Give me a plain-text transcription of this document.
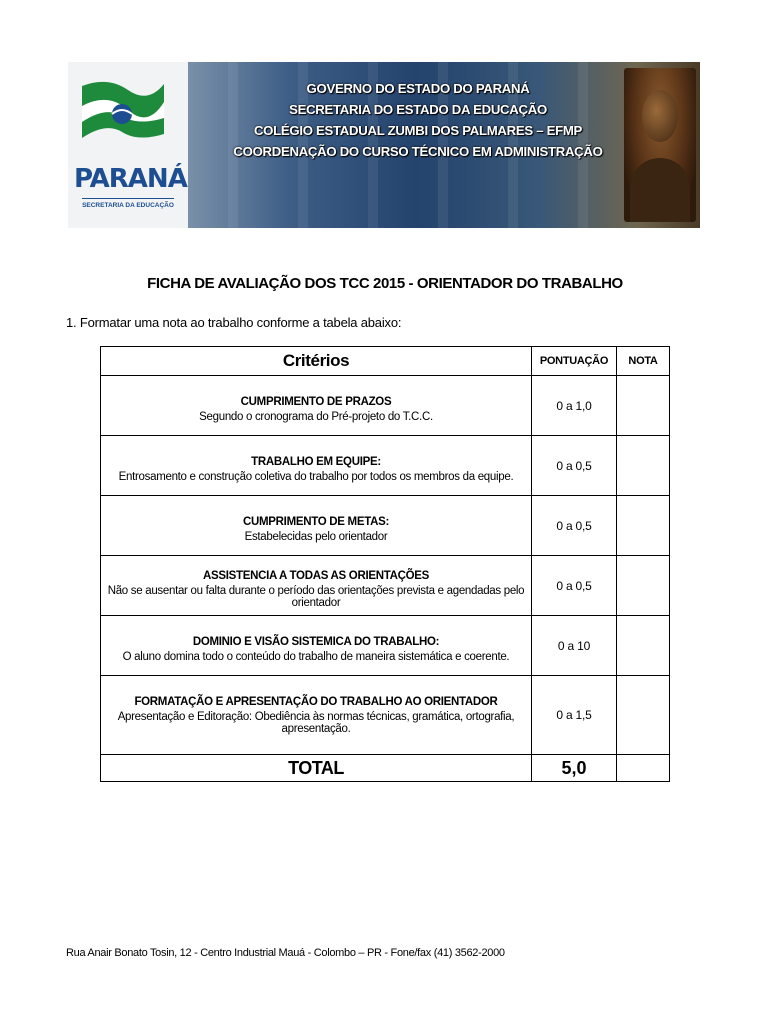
PARANÁ
SECRETARIA DA EDUCAÇÃO
GOVERNO DO ESTADO DO PARANÁ
SECRETARIA DO ESTADO DA EDUCAÇÃO
COLÉGIO ESTADUAL ZUMBI DOS PALMARES – EFMP
COORDENAÇÃO DO CURSO TÉCNICO EM ADMINISTRAÇÃO
FICHA DE AVALIAÇÃO DOS TCC 2015 - ORIENTADOR DO TRABALHO
1. Formatar uma nota ao trabalho conforme a tabela abaixo:
Critérios	PONTUAÇÃO	NOTA

CUMPRIMENTO DE PRAZOS
Segundo o cronograma do Pré-projeto do T.C.C.	0 a 1,0	

TRABALHO EM EQUIPE:
Entrosamento e construção coletiva do trabalho por todos os membros da equipe.	0 a 0,5	

CUMPRIMENTO DE METAS:
Estabelecidas pelo orientador	0 a 0,5	

ASSISTENCIA A TODAS AS ORIENTAÇÕES
Não se ausentar ou falta durante o período das orientações prevista e agendadas pelo orientador	0 a 0,5	

DOMINIO E VISÃO SISTEMICA DO TRABALHO:
O aluno domina todo o conteúdo do trabalho de maneira sistemática e coerente.	0 a 10	

FORMATAÇÃO E APRESENTAÇÃO DO TRABALHO AO ORIENTADOR
Apresentação e Editoração: Obediência às normas técnicas, gramática, ortografia, apresentação.	0 a 1,5	
TOTAL	5,0	
Rua Anair Bonato Tosin, 12 - Centro Industrial Mauá - Colombo – PR - Fone/fax (41) 3562-2000
